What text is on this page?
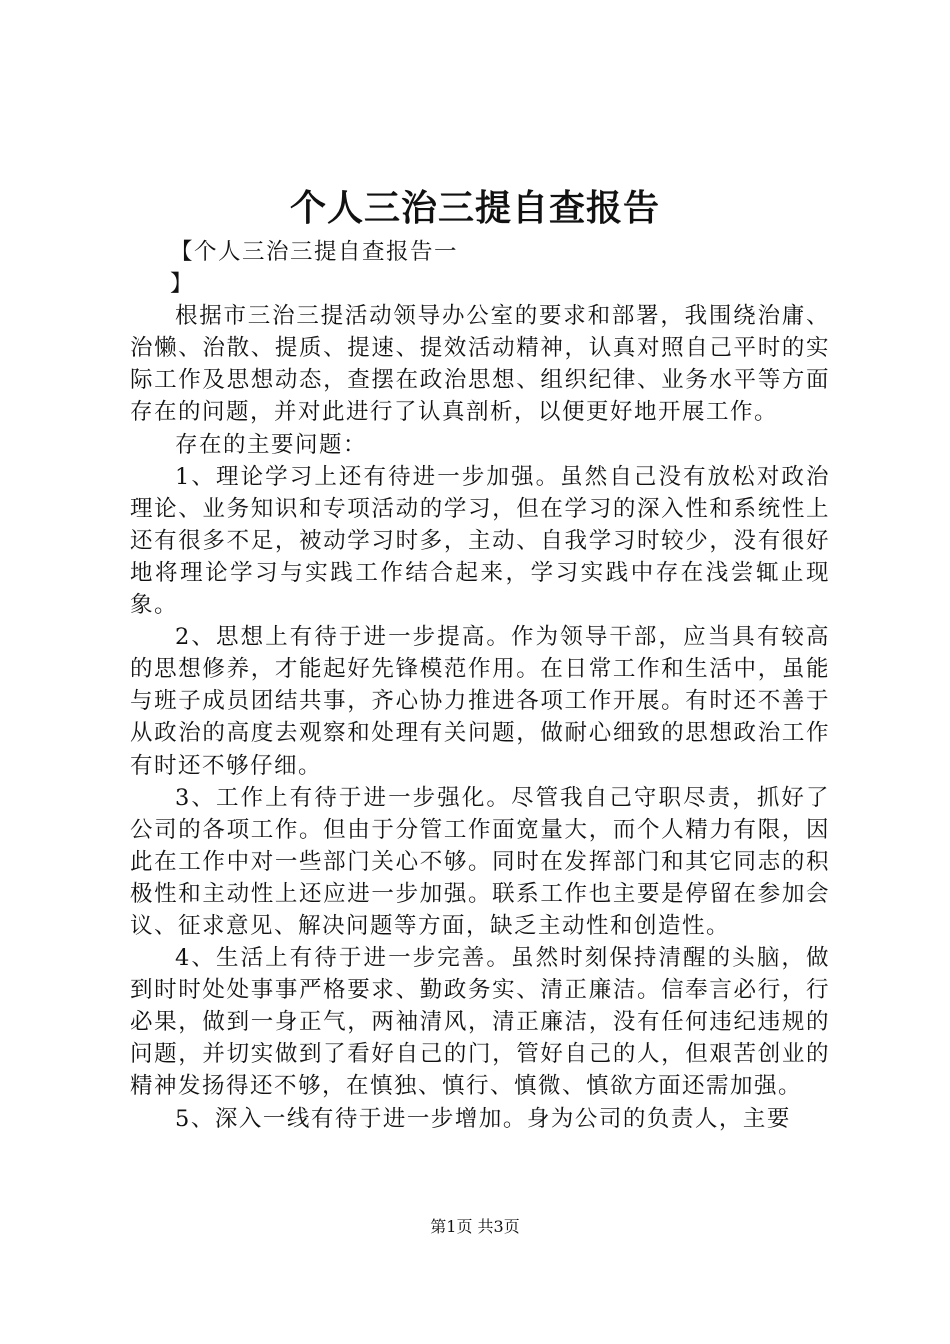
个人三治三提自查报告

【个人三治三提自查报告一

】

根据市三治三提活动领导办公室的要求和部署，我围绕治庸、治懒、治散、提质、提速、提效活动精神，认真对照自己平时的实际工作及思想动态，查摆在政治思想、组织纪律、业务水平等方面存在的问题，并对此进行了认真剖析，以便更好地开展工作。

存在的主要问题：

1、理论学习上还有待进一步加强。虽然自己没有放松对政治理论、业务知识和专项活动的学习，但在学习的深入性和系统性上还有很多不足，被动学习时多，主动、自我学习时较少，没有很好地将理论学习与实践工作结合起来，学习实践中存在浅尝辄止现象。

2、思想上有待于进一步提高。作为领导干部，应当具有较高的思想修养，才能起好先锋模范作用。在日常工作和生活中，虽能与班子成员团结共事，齐心协力推进各项工作开展。有时还不善于从政治的高度去观察和处理有关问题，做耐心细致的思想政治工作有时还不够仔细。

3、工作上有待于进一步强化。尽管我自己守职尽责，抓好了公司的各项工作。但由于分管工作面宽量大，而个人精力有限，因此在工作中对一些部门关心不够。同时在发挥部门和其它同志的积极性和主动性上还应进一步加强。联系工作也主要是停留在参加会议、征求意见、解决问题等方面，缺乏主动性和创造性。

4、生活上有待于进一步完善。虽然时刻保持清醒的头脑，做到时时处处事事严格要求、勤政务实、清正廉洁。信奉言必行，行必果，做到一身正气，两袖清风，清正廉洁，没有任何违纪违规的问题，并切实做到了看好自己的门，管好自己的人，但艰苦创业的精神发扬得还不够，在慎独、慎行、慎微、慎欲方面还需加强。

5、深入一线有待于进一步增加。身为公司的负责人，主要

第1页 共3页
